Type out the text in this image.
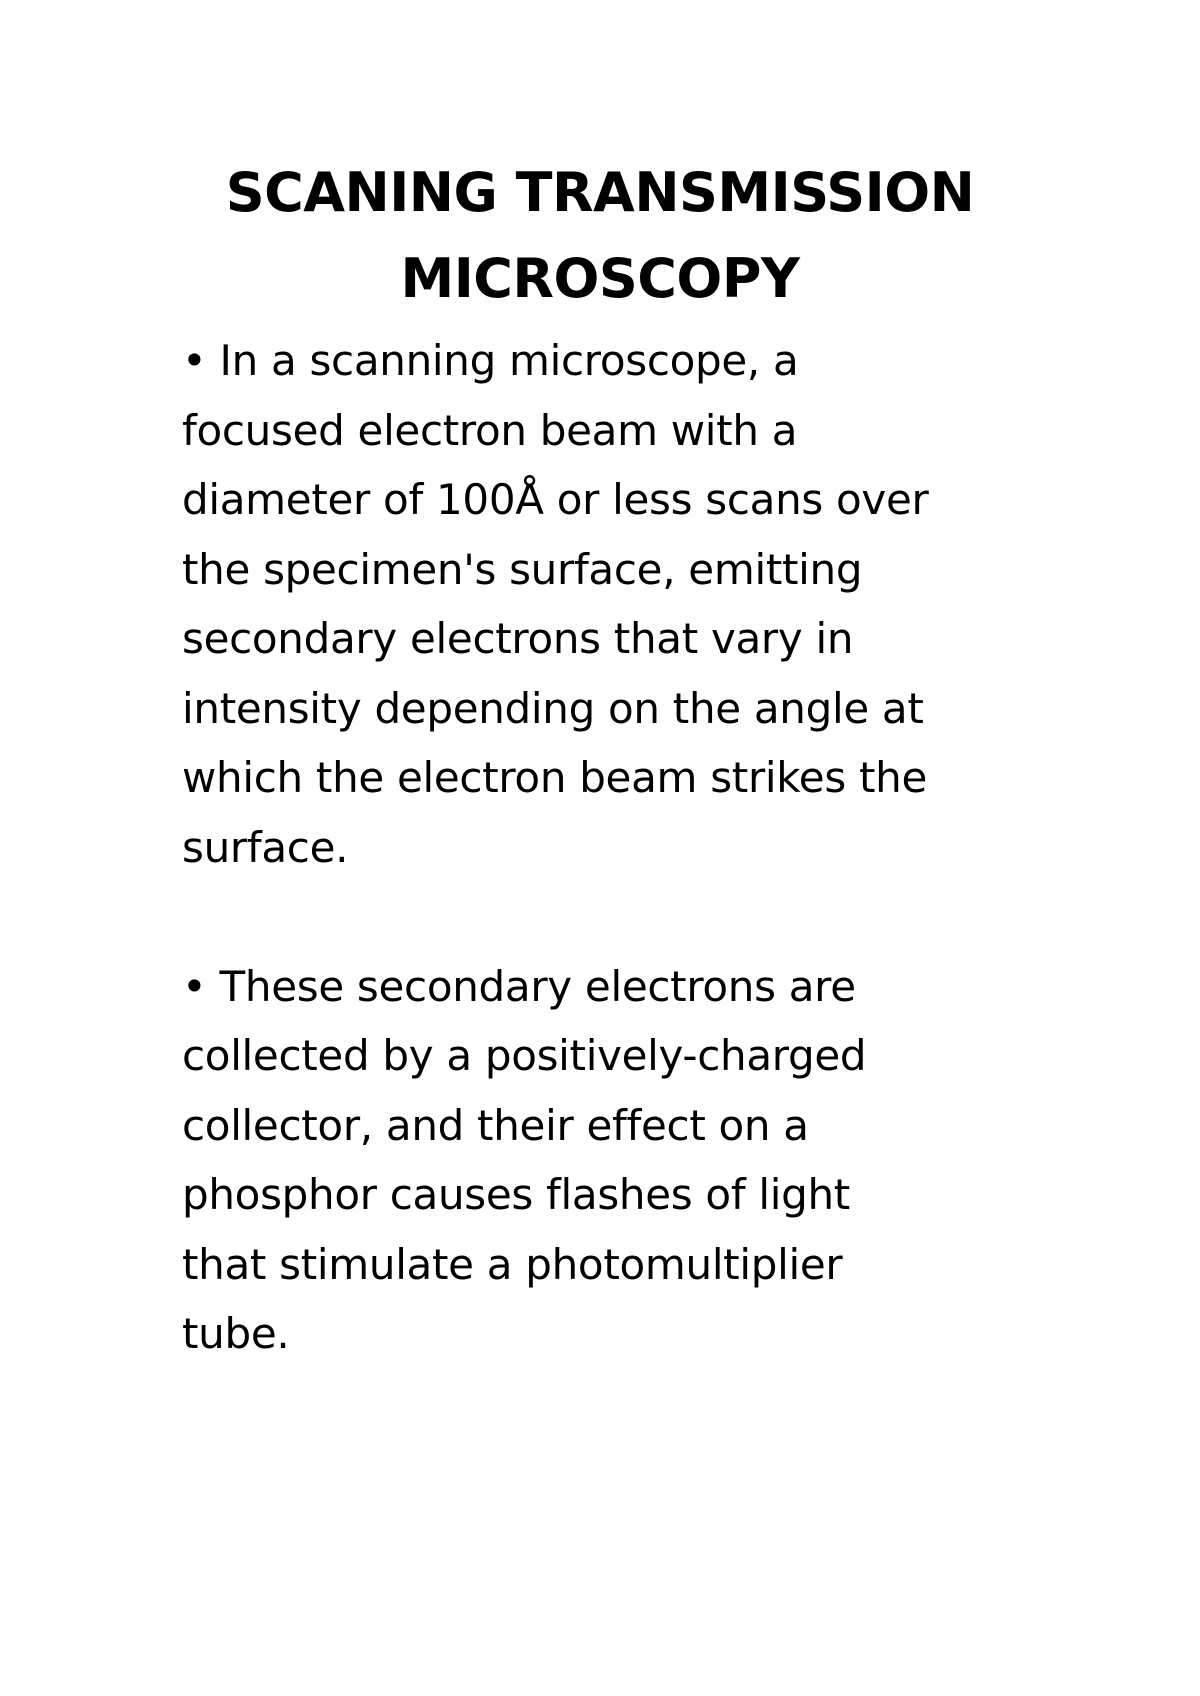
SCANING TRANSMISSION
MICROSCOPY
• In a scanning microscope, a
focused electron beam with a
diameter of 100Å or less scans over
the specimen's surface, emitting
secondary electrons that vary in
intensity depending on the angle at
which the electron beam strikes the
surface.
• These secondary electrons are
collected by a positively-charged
collector, and their effect on a
phosphor causes flashes of light
that stimulate a photomultiplier
tube.
